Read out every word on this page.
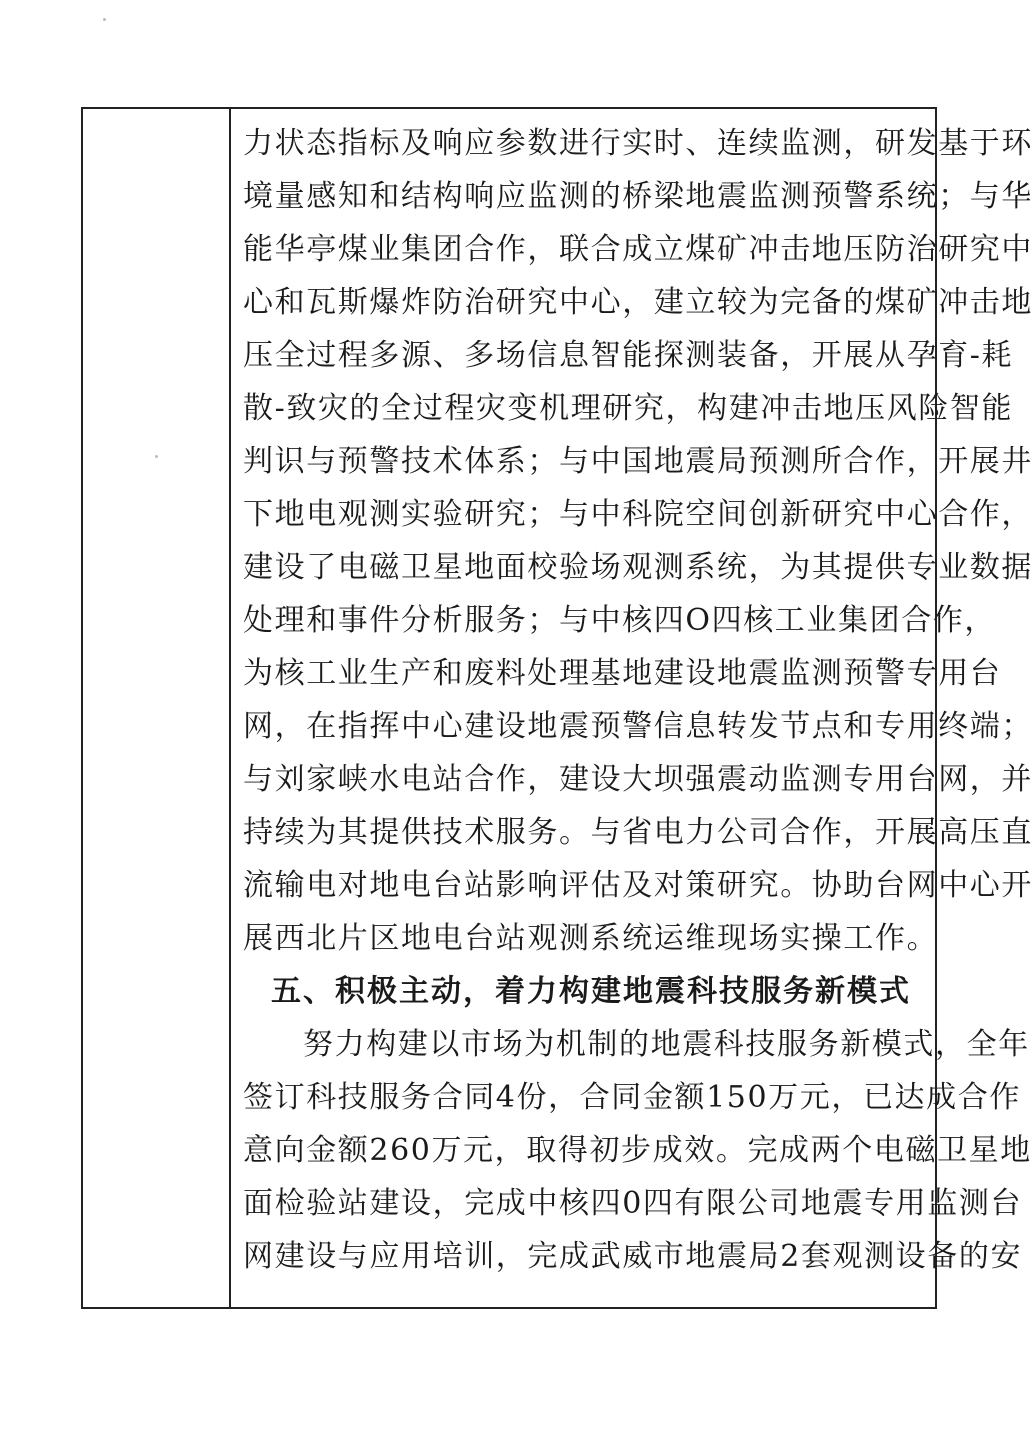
力状态指标及响应参数进行实时、连续监测，研发基于环
境量感知和结构响应监测的桥梁地震监测预警系统；与华
能华亭煤业集团合作，联合成立煤矿冲击地压防治研究中
心和瓦斯爆炸防治研究中心，建立较为完备的煤矿冲击地
压全过程多源、多场信息智能探测装备，开展从孕育-耗
散-致灾的全过程灾变机理研究，构建冲击地压风险智能
判识与预警技术体系；与中国地震局预测所合作，开展井
下地电观测实验研究；与中科院空间创新研究中心合作，
建设了电磁卫星地面校验场观测系统，为其提供专业数据
处理和事件分析服务；与中核四O四核工业集团合作，
为核工业生产和废料处理基地建设地震监测预警专用台
网，在指挥中心建设地震预警信息转发节点和专用终端；
与刘家峡水电站合作，建设大坝强震动监测专用台网，并
持续为其提供技术服务。与省电力公司合作，开展高压直
流输电对地电台站影响评估及对策研究。协助台网中心开
展西北片区地电台站观测系统运维现场实操工作。
五、积极主动，着力构建地震科技服务新模式
努力构建以市场为机制的地震科技服务新模式，全年
签订科技服务合同4份，合同金额150万元，已达成合作
意向金额260万元，取得初步成效。完成两个电磁卫星地
面检验站建设，完成中核四0四有限公司地震专用监测台
网建设与应用培训，完成武威市地震局2套观测设备的安
